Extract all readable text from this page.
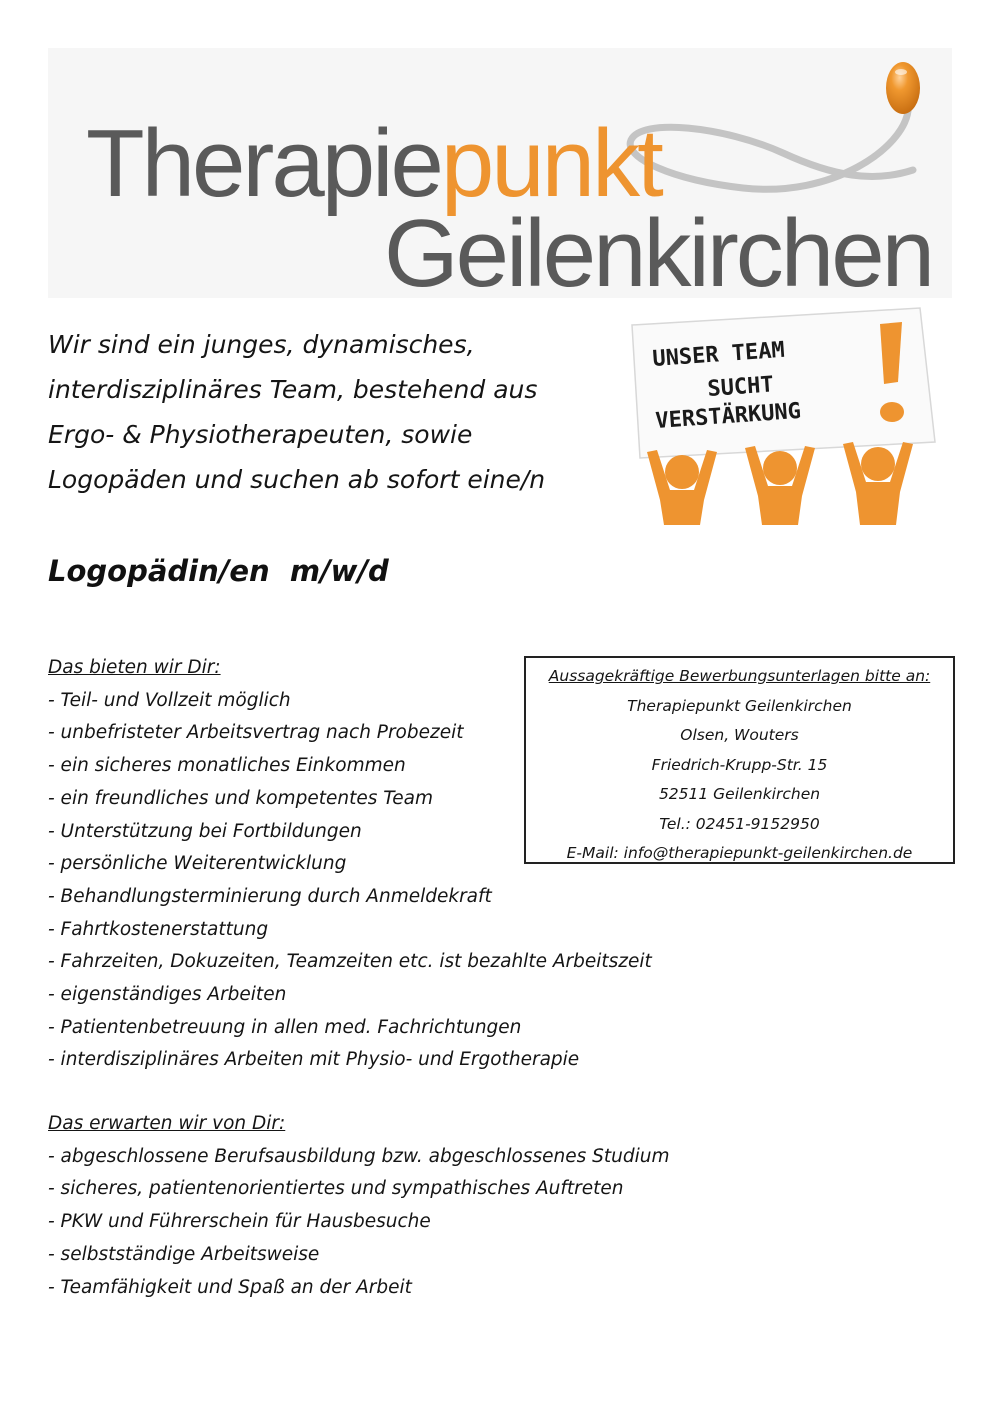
Therapiepunkt
Geilenkirchen
Wir sind ein junges, dynamisches,
interdisziplinäres Team, bestehend aus
Ergo- & Physiotherapeuten, sowie
Logopäden und suchen ab sofort eine/n
UNSER TEAM
SUCHT
VERSTÄRKUNG
Logopädin/en  m/w/d
Das bieten wir Dir:
- Teil- und Vollzeit möglich
- unbefristeter Arbeitsvertrag nach Probezeit
- ein sicheres monatliches Einkommen
- ein freundliches und kompetentes Team
- Unterstützung bei Fortbildungen
- persönliche Weiterentwicklung
- Behandlungsterminierung durch Anmeldekraft
- Fahrtkostenerstattung
- Fahrzeiten, Dokuzeiten, Teamzeiten etc. ist bezahlte Arbeitszeit
- eigenständiges Arbeiten
- Patientenbetreuung in allen med. Fachrichtungen
- interdisziplinäres Arbeiten mit Physio- und Ergotherapie
Aussagekräftige Bewerbungsunterlagen bitte an:
Therapiepunkt Geilenkirchen
Olsen, Wouters
Friedrich-Krupp-Str. 15
52511 Geilenkirchen
Tel.: 02451-9152950
E-Mail: info@therapiepunkt-geilenkirchen.de
Das erwarten wir von Dir:
- abgeschlossene Berufsausbildung bzw. abgeschlossenes Studium
- sicheres, patientenorientiertes und sympathisches Auftreten
- PKW und Führerschein für Hausbesuche
- selbstständige Arbeitsweise
- Teamfähigkeit und Spaß an der Arbeit
